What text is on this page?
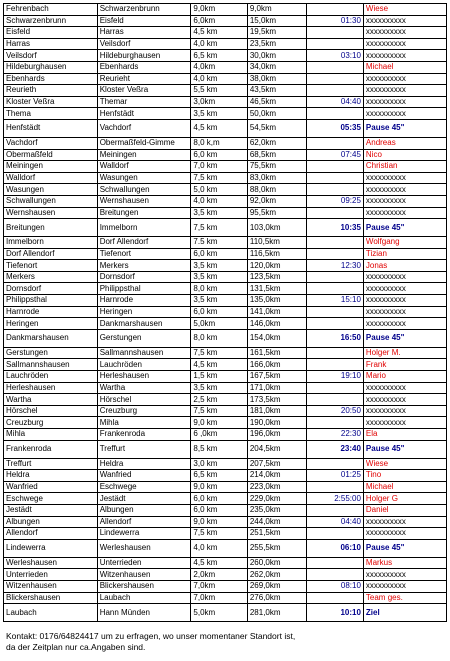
Fehrenbach	Schwarzenbrunn	9,0km	9,0km		Wiese
Schwarzenbrunn	Eisfeld	6,0km	15,0km	01:30	xxxxxxxxxx
Eisfeld	Harras	4,5 km	19,5km		xxxxxxxxxx
Harras	Veilsdorf	4,0 km	23,5km		xxxxxxxxxx
Veilsdorf	Hildeburghausen	6,5 km	30,0km	03:10	xxxxxxxxxx
Hildeburghausen	Ebenhards	4,0km	34,0km		Michael
Ebenhards	Reurieht	4,0 km	38,0km		xxxxxxxxxx
Reurieth	Kloster Veßra	5,5 km	43,5km		xxxxxxxxxx
Kloster Veßra	Themar	3,0km	46,5km	04:40	xxxxxxxxxx
Thema	Henfstädt	3,5 km	50,0km		xxxxxxxxxx
Henfstädt	Vachdorf	4,5 km	54,5km	05:35	Pause 45"
Vachdorf	Obermaßfeld-Gimme	8,0 k,m	62,0km		Andreas
Obermaßfeld	Meiningen	6,0 km	68,5km	07:45	Nico
Meiningen	Walldorf	7,0 km	75,5km		Christian
Walldorf	Wasungen	7,5 km	83,0km		xxxxxxxxxx
Wasungen	Schwallungen	5,0 km	88,0km		xxxxxxxxxx
Schwallungen	Wernshausen	4,0 km	92,0km	09:25	xxxxxxxxxx
Wernshausen	Breitungen	3,5 km	95,5km		xxxxxxxxxx
Breitungen	Immelborn	7,5 km	103,0km	10:35	Pause 45"
Immelborn	Dorf Allendorf	7.5 km	110,5km		Wolfgang
Dorf Allendorf	Tiefenort	6,0 km	116,5km		Tizian
Tiefenort	Merkers	3,5 km	120,0km	12:30	Jonas
Merkers	Dornsdorf	3,5 km	123,5km		xxxxxxxxxx
Dornsdorf	Philippsthal	8,0 km	131,5km		xxxxxxxxxx
Philippsthal	Harnrode	3,5 km	135,0km	15:10	xxxxxxxxxx
Harnrode	Heringen	6,0 km	141,0km		xxxxxxxxxx
Heringen	Dankmarshausen	5,0km	146,0km		xxxxxxxxxx
Dankmarshausen	Gerstungen	8,0 km	154,0km	16:50	Pause 45"
Gerstungen	Sallmannshausen	7,5 km	161,5km		Holger M.
Sallmannshausen	Lauchröden	4,5 km	166,0km		Frank
Lauchröden	Herleshausen	1,5 km	167,5km	19:10	Mario
Herleshausen	Wartha	3,5 km	171,0km		xxxxxxxxxx
Wartha	Hörschel	2,5 km	173,5km		xxxxxxxxxx
Hörschel	Creuzburg	7,5 km	181,0km	20:50	xxxxxxxxxx
Creuzburg	Mihla	9,0 km	190,0km		xxxxxxxxxx
Mihla	Frankenroda	6 ,0km	196,0km	22:30	Ela
Frankenroda	Treffurt	8,5 km	204,5km	23:40	Pause 45"
Treffurt	Heldra	3,0 km	207,5km		Wiese
Heldra	Wanfried	6,5 km	214,0km	01:25	Tino
Wanfried	Eschwege	9,0 km	223,0km		Michael
Eschwege	Jestädt	6,0 km	229,0km	2:55:00	Holger G
Jestädt	Albungen	6,0 km	235,0km		Daniel
Albungen	Allendorf	9,0 km	244,0km	04:40	xxxxxxxxxx
Allendorf	Lindewerra	7,5 km	251,5km		xxxxxxxxxx
Lindewerra	Werleshausen	4,0 km	255,5km	06:10	Pause 45"
Werleshausen	Unterrieden	4,5 km	260,0km		Markus
Unterrieden	Witzenhausen	2,0km	262,0km		xxxxxxxxxx
Witzenhausen	Blickershausen	7,0km	269,0km	08:10	xxxxxxxxxx
Blickershausen	Laubach	7,0km	276,0km		Team ges.
Laubach	Hann Münden	5,0km	281,0km	10:10	Ziel
Kontakt: 0176/64824417 um zu erfragen, wo unser momentaner Standort ist,
da der Zeitplan nur ca.Angaben sind.
